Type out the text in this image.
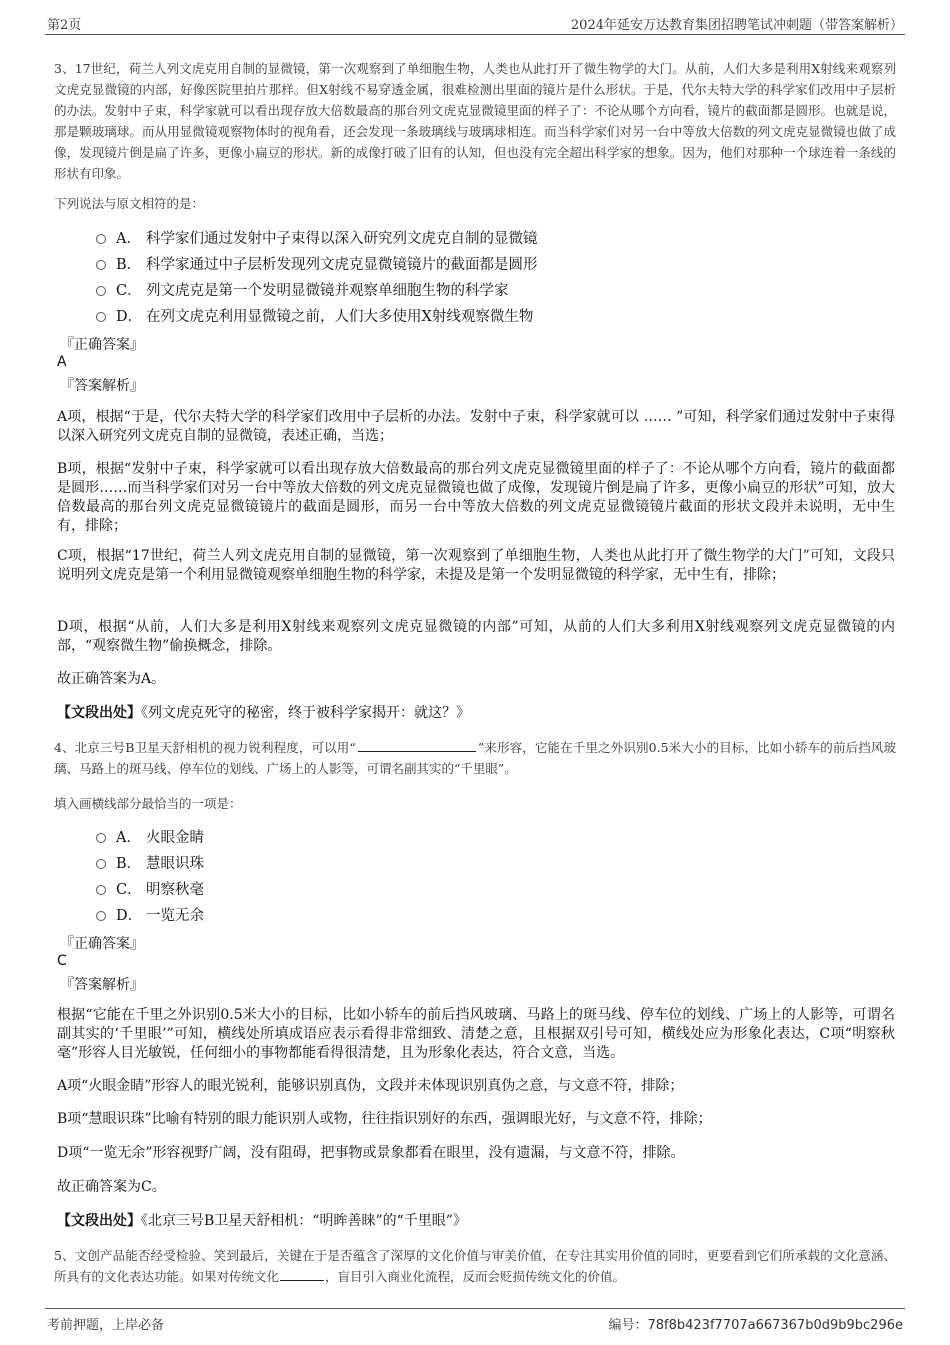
第2页	2024年延安万达教育集团招聘笔试冲刺题（带答案解析）
3、17世纪，荷兰人列文虎克用自制的显微镜，第一次观察到了单细胞生物，人类也从此打开了微生物学的大门。从前，人们大多是利用X射线来观察列文虎克显微镜的内部，好像医院里拍片那样。但X射线不易穿透金属，很难检测出里面的镜片是什么形状。于是，代尔夫特大学的科学家们改用中子层析的办法。发射中子束，科学家就可以看出现存放大倍数最高的那台列文虎克显微镜里面的样子了：不论从哪个方向看，镜片的截面都是圆形。也就是说，那是颗玻璃球。而从用显微镜观察物体时的视角看，还会发现一条玻璃线与玻璃球相连。而当科学家们对另一台中等放大倍数的列文虎克显微镜也做了成像，发现镜片倒是扁了许多，更像小扁豆的形状。新的成像打破了旧有的认知，但也没有完全超出科学家的想象。因为，他们对那种一个球连着一条线的形状有印象。
下列说法与原文相符的是：
A． 科学家们通过发射中子束得以深入研究列文虎克自制的显微镜
B． 科学家通过中子层析发现列文虎克显微镜镜片的截面都是圆形
C． 列文虎克是第一个发明显微镜并观察单细胞生物的科学家
D． 在列文虎克利用显微镜之前，人们大多使用X射线观察微生物
『正确答案』
A
『答案解析』
A项，根据“于是，代尔夫特大学的科学家们改用中子层析的办法。发射中子束，科学家就可以 …… ”可知，科学家们通过发射中子束得以深入研究列文虎克自制的显微镜，表述正确，当选；
B项，根据“发射中子束，科学家就可以看出现存放大倍数最高的那台列文虎克显微镜里面的样子了：不论从哪个方向看，镜片的截面都是圆形……而当科学家们对另一台中等放大倍数的列文虎克显微镜也做了成像，发现镜片倒是扁了许多，更像小扁豆的形状”可知，放大倍数最高的那台列文虎克显微镜镜片的截面是圆形，而另一台中等放大倍数的列文虎克显微镜镜片截面的形状文段并未说明，无中生有，排除；
C项，根据“17世纪，荷兰人列文虎克用自制的显微镜，第一次观察到了单细胞生物，人类也从此打开了微生物学的大门”可知，文段只说明列文虎克是第一个利用显微镜观察单细胞生物的科学家，未提及是第一个发明显微镜的科学家，无中生有，排除；
D项，根据“从前，人们大多是利用X射线来观察列文虎克显微镜的内部”可知，从前的人们大多利用X射线观察列文虎克显微镜的内部，“观察微生物”偷换概念，排除。
故正确答案为A。
【文段出处】《列文虎克死守的秘密，终于被科学家揭开：就这？》
4、北京三号B卫星天舒相机的视力锐利程度，可以用“	”来形容，它能在千里之外识别0.5米大小的目标，比如小轿车的前后挡风玻璃、马路上的斑马线、停车位的划线、广场上的人影等，可谓名副其实的“千里眼”。
填入画横线部分最恰当的一项是：
A． 火眼金睛
B． 慧眼识珠
C． 明察秋毫
D． 一览无余
『正确答案』
C
『答案解析』
根据“它能在千里之外识别0.5米大小的目标，比如小轿车的前后挡风玻璃、马路上的斑马线、停车位的划线、广场上的人影等，可谓名副其实的‘千里眼’”可知，横线处所填成语应表示看得非常细致、清楚之意，且根据双引号可知，横线处应为形象化表达，C项“明察秋毫”形容人目光敏锐，任何细小的事物都能看得很清楚，且为形象化表达，符合文意，当选。
A项“火眼金睛”形容人的眼光锐利，能够识别真伪，文段并未体现识别真伪之意，与文意不符，排除；
B项“慧眼识珠”比喻有特别的眼力能识别人或物，往往指识别好的东西，强调眼光好，与文意不符，排除；
D项“一览无余”形容视野广阔，没有阻碍，把事物或景象都看在眼里，没有遗漏，与文意不符，排除。
故正确答案为C。
【文段出处】《北京三号B卫星天舒相机：“明眸善睐”的“千里眼”》
5、文创产品能否经受检验、笑到最后，关键在于是否蕴含了深厚的文化价值与审美价值，在专注其实用价值的同时，更要看到它们所承载的文化意涵、所具有的文化表达功能。如果对传统文化	，盲目引入商业化流程，反而会贬损传统文化的价值。
考前押题，上岸必备	编号：78f8b423f7707a667367b0d9b9bc296e
